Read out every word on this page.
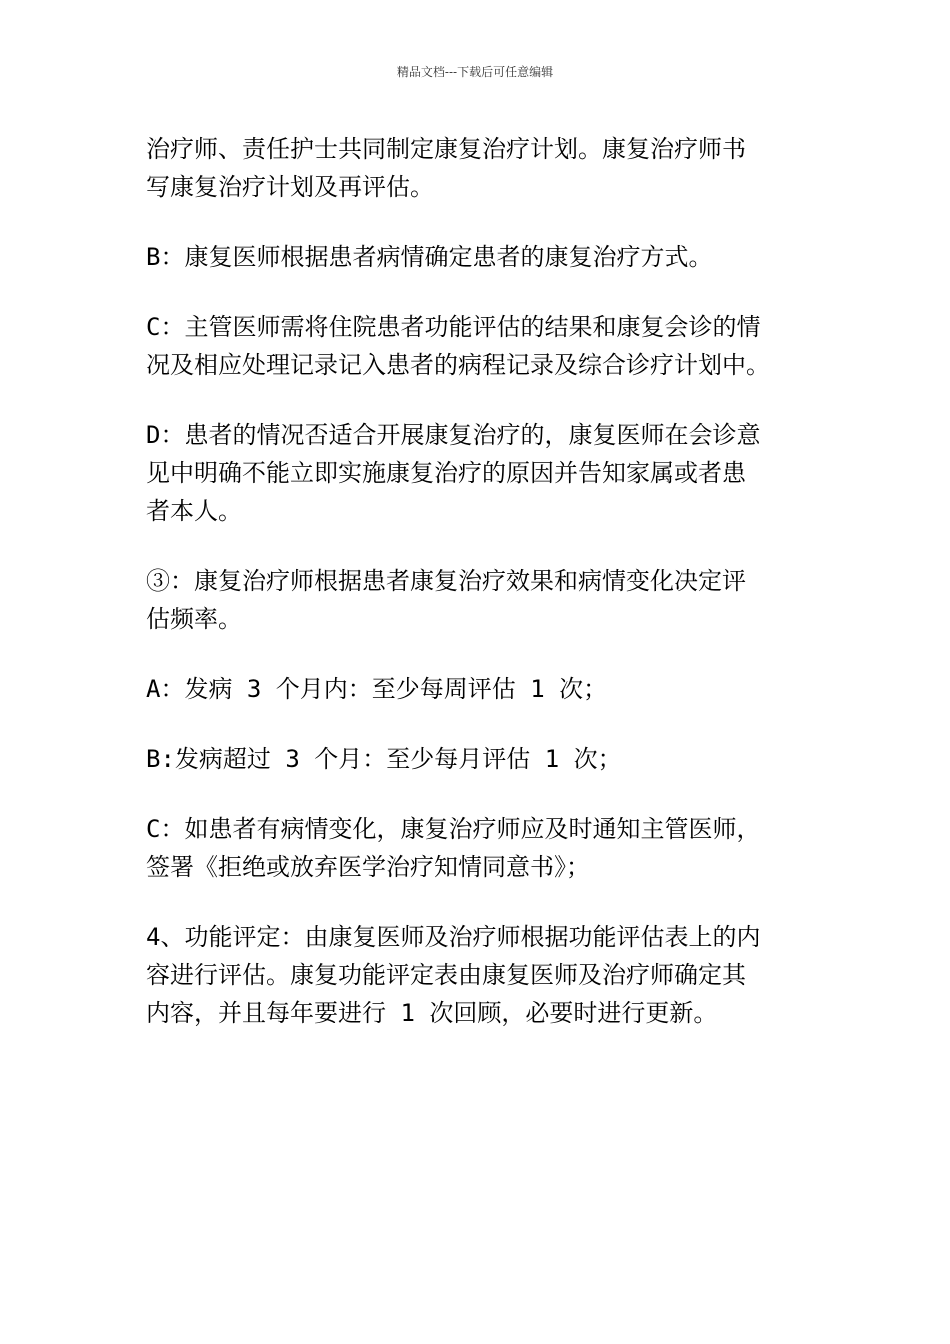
精品文档---下载后可任意编辑

治疗师、责任护士共同制定康复治疗计划。康复治疗师书
写康复治疗计划及再评估。

B：康复医师根据患者病情确定患者的康复治疗方式。

C：主管医师需将住院患者功能评估的结果和康复会诊的情
况及相应处理记录记入患者的病程记录及综合诊疗计划中。

D：患者的情况否适合开展康复治疗的，康复医师在会诊意
见中明确不能立即实施康复治疗的原因并告知家属或者患
者本人。

③：康复治疗师根据患者康复治疗效果和病情变化决定评
估频率。

A：发病 3 个月内：至少每周评估 1 次；

B:发病超过 3 个月：至少每月评估 1 次；

C：如患者有病情变化，康复治疗师应及时通知主管医师，
签署《拒绝或放弃医学治疗知情同意书》；

4、功能评定：由康复医师及治疗师根据功能评估表上的内
容进行评估。康复功能评定表由康复医师及治疗师确定其
内容，并且每年要进行 1 次回顾，必要时进行更新。
